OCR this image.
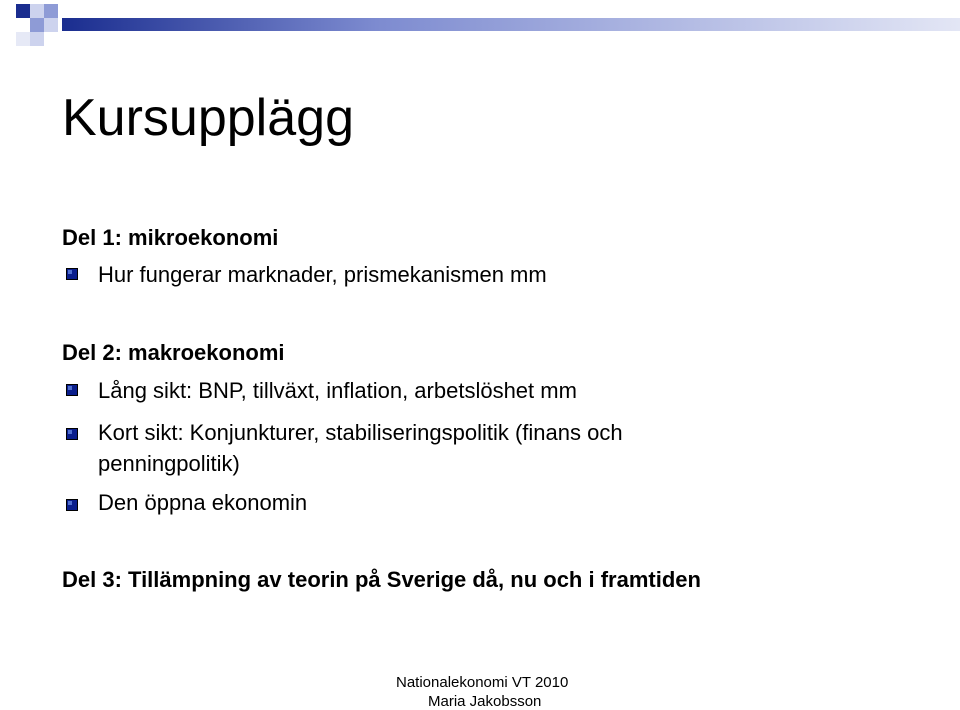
Kursupplägg
Del 1: mikroekonomi
Hur fungerar marknader, prismekanismen mm
Del 2: makroekonomi
Lång sikt: BNP, tillväxt, inflation, arbetslöshet mm
Kort sikt: Konjunkturer, stabiliseringspolitik (finans och
penningpolitik)
Den öppna ekonomin
Del 3: Tillämpning av teorin på Sverige då, nu och i framtiden
Nationalekonomi VT 2010
Maria Jakobsson
